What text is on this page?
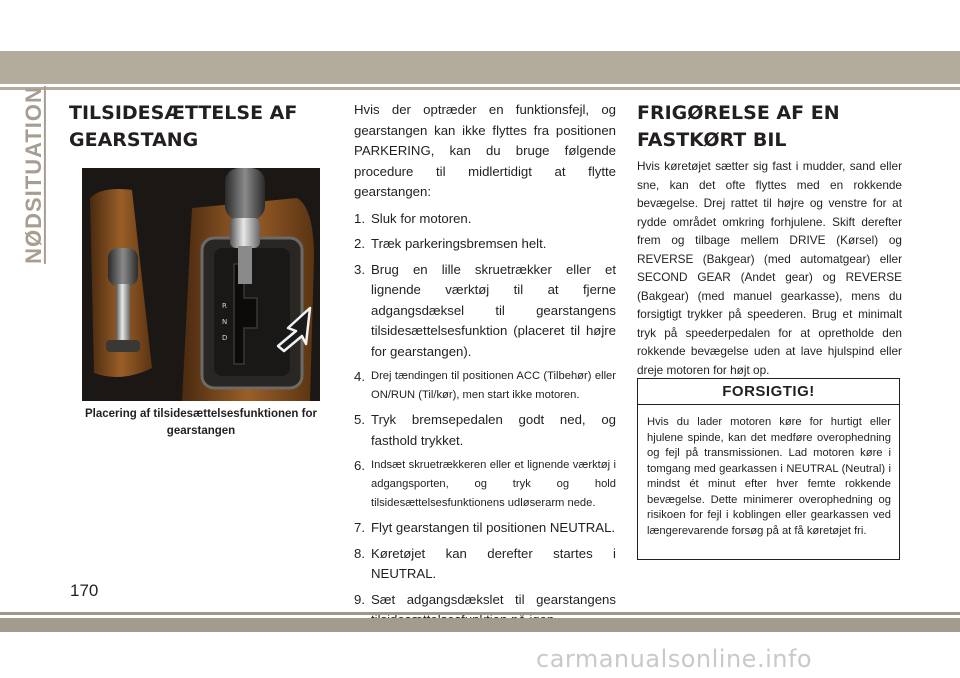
NØDSITUATION TILSIDESÆTTELSE AF GEARSTANG
R
N
D

Placering af tilsidesættelsesfunktionen for gearstangen

Hvis der optræder en funktionsfejl, og gearstangen kan ikke flyttes fra positionen PARKERING, kan du bruge følgende procedure til midlertidigt at flytte gearstangen:

1. Sluk for motoren.
2. Træk parkeringsbremsen helt.
3. Brug en lille skruetrækker eller et lignende værktøj til at fjerne adgangsdæksel til gearstangens tilsidesættelsesfunktion (placeret til højre for gearstangen).
4. Drej tændingen til positionen ACC (Tilbehør) eller ON/RUN (Til/kør), men start ikke motoren.
5. Tryk bremsepedalen godt ned, og fasthold trykket.
6. Indsæt skruetrækkeren eller et lignende værktøj i adgangsporten, og tryk og hold tilsidesættelsesfunktionens udløserarm nede.
7. Flyt gearstangen til positionen NEUTRAL.
8. Køretøjet kan derefter startes i NEUTRAL.
9. Sæt adgangsdækslet til gearstangens
FRIGØRELSE AF EN FASTKØRT BIL

Hvis køretøjet sætter sig fast i mudder, sand eller sne, kan det ofte flyttes med en rokkende bevægelse. Drej rattet til højre og venstre for at rydde området omkring forhjulene. Skift derefter frem og tilbage mellem DRIVE (Kørsel) og REVERSE (Bakgear) (med automatgear) eller SECOND GEAR (Andet gear) og REVERSE (Bakgear) (med manuel gearkasse), mens du forsigtigt trykker på speederen. Brug et minimalt tryk på speederpedalen for at opretholde den rokkende bevægelse uden at lave hjulspind eller dreje motoren for højt op.

FORSIGTIG!

Hvis du lader motoren køre for hurtigt eller hjulene spinde, kan det medføre overophedning og fejl på transmissionen. Lad motoren køre i tomgang med gearkassen i NEUTRAL (Neutral) i mindst ét minut efter hver femte rokkende bevægelse. Dette minimerer overophedning og risikoen for fejl i koblingen eller gearkassen ved længerevarende forsøg på at få køretøjet fri.

170
carmanualsonline.info
